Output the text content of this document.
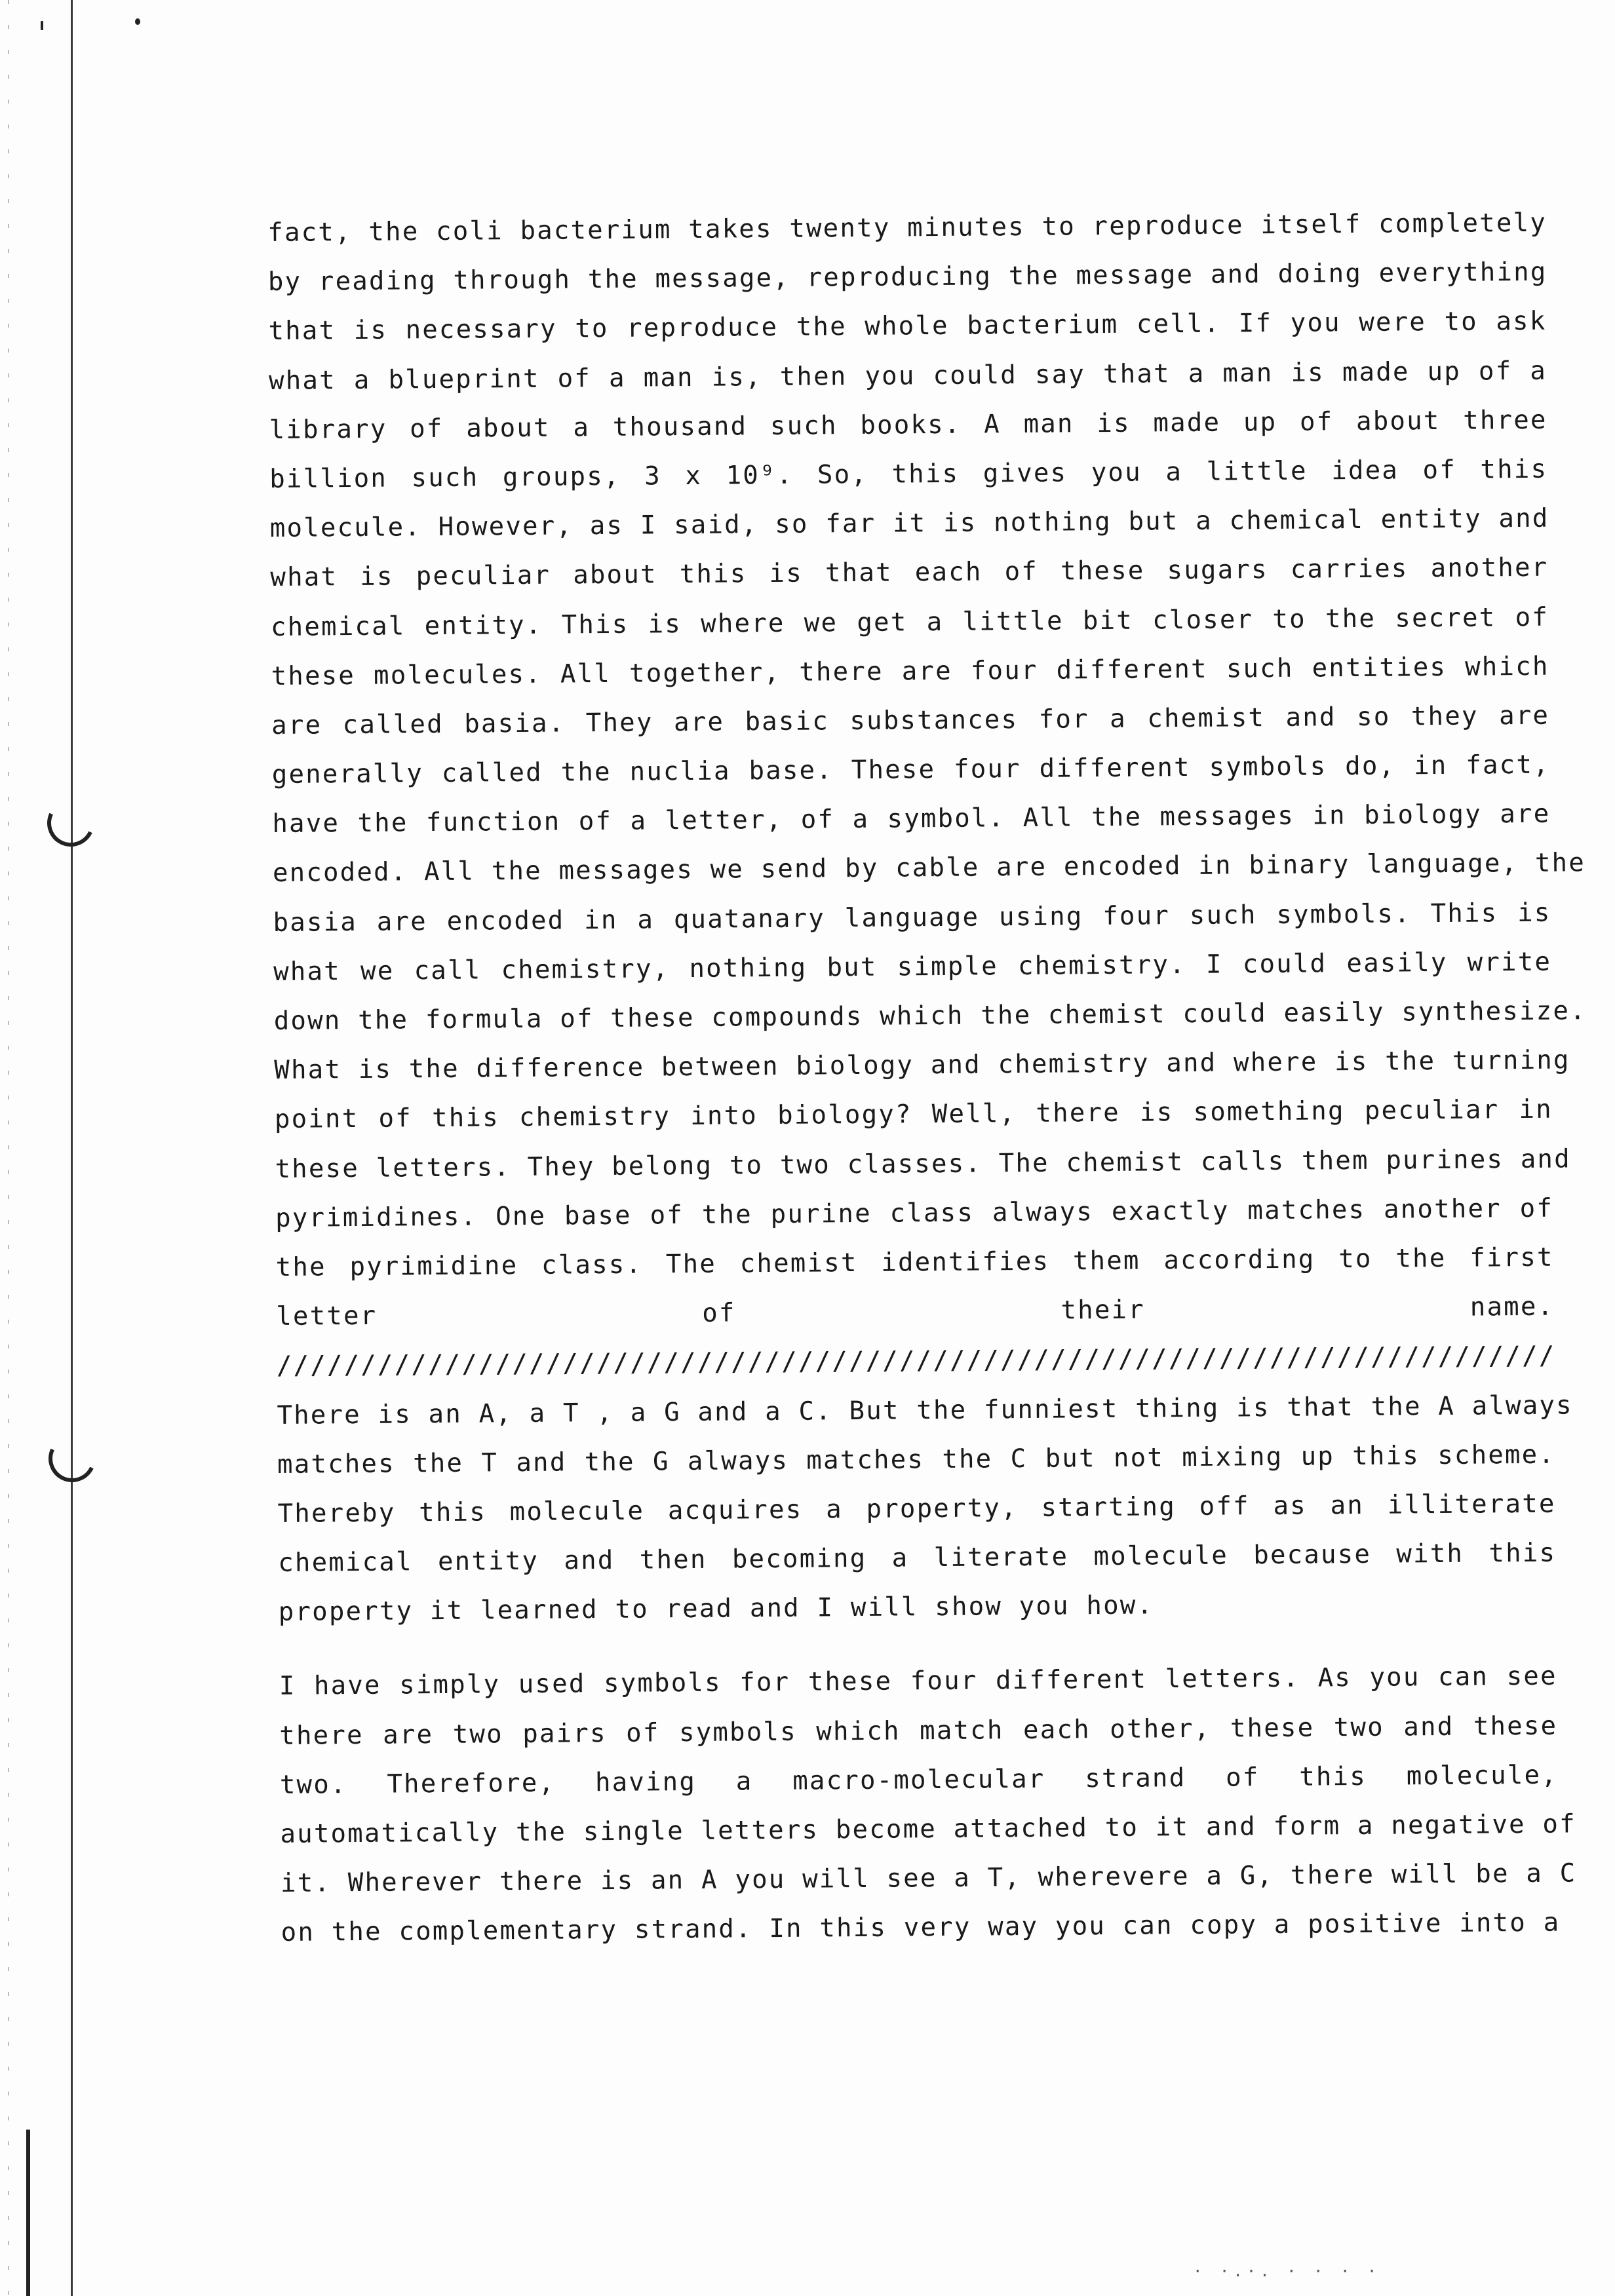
fact, the coli bacterium takes twenty minutes to reproduce itself completely
by reading through the message, reproducing the message and doing everything
that is necessary to reproduce the whole bacterium cell. If you were to ask
what a blueprint of a man is, then you could say that a man is made up of a
library of about a thousand such books. A man is made up of about three
billion such groups, 3 x 10⁹. So, this gives you a little idea of this
molecule. However, as I said, so far it is nothing but a chemical entity and
what is peculiar about this is that each of these sugars carries another
chemical entity. This is where we get a little bit closer to the secret of
these molecules. All together, there are four different such entities which
are called basia. They are basic substances for a chemist and so they are
generally called the nuclia base. These four different symbols do, in fact,
have the function of a letter, of a symbol. All the messages in biology are
encoded. All the messages we send by cable are encoded in binary language, the
basia are encoded in a quatanary language using four such symbols. This is
what we call chemistry, nothing but simple chemistry. I could easily write
down the formula of these compounds which the chemist could easily synthesize.
What is the difference between biology and chemistry and where is the turning
point of this chemistry into biology? Well, there is something peculiar in
these letters. They belong to two classes. The chemist calls them purines and
pyrimidines. One base of the purine class always exactly matches another of
the pyrimidine class. The chemist identifies them according to the first
letter of their name.
////////////////////////////////////////////////////////////////////////////
There is an A, a T , a G and a C. But the funniest thing is that the A always
matches the T and the G always matches the C but not mixing up this scheme.
Thereby this molecule acquires a property, starting off as an illiterate
chemical entity and then becoming a literate molecule because with this
property it learned to read and I will show you how.
I have simply used symbols for these four different letters. As you can see
there are two pairs of symbols which match each other, these two and these
two. Therefore, having a macro-molecular strand of this molecule,
automatically the single letters become attached to it and form a negative of
it. Wherever there is an A you will see a T, wherevere a G, there will be a C
on the complementary strand. In this very way you can copy a positive into a
· ·.·. · · · ·
